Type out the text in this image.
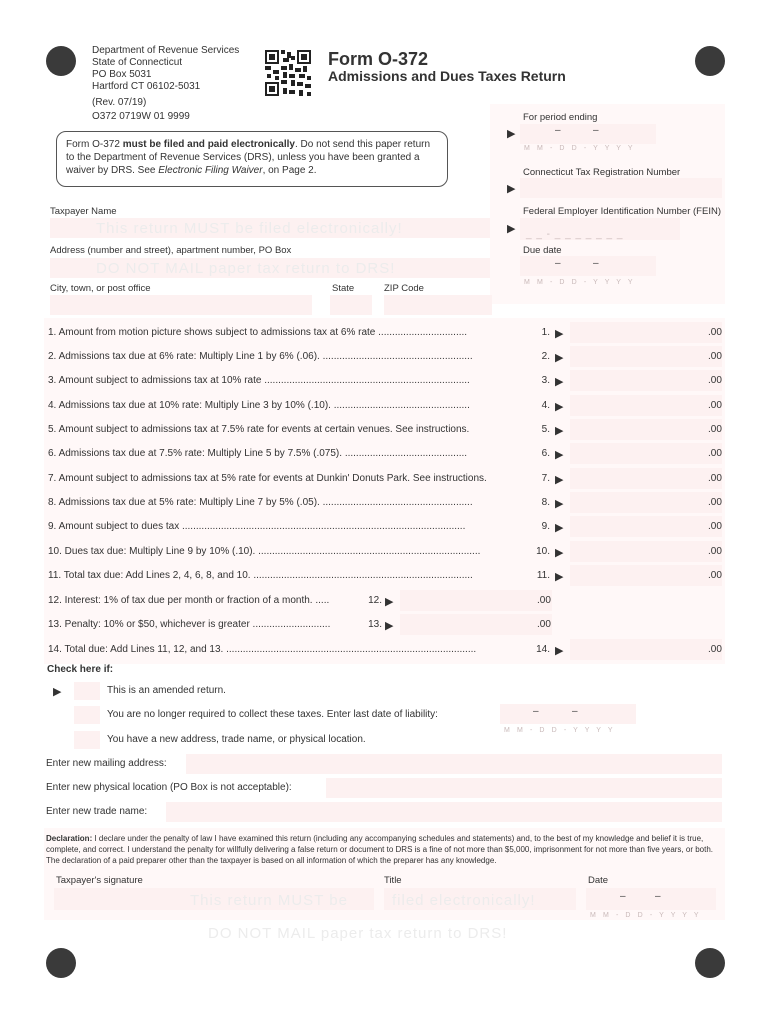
Department of Revenue Services
State of Connecticut
PO Box 5031
Hartford CT 06102-5031
(Rev. 07/19)
O372 0719W 01 9999
Form O-372
Admissions and Dues Taxes Return
Form O-372 must be filed and paid electronically. Do not send this paper return to the Department of Revenue Services (DRS), unless you have been granted a waiver by DRS. See Electronic Filing Waiver, on Page 2.
For period ending
▶	–	–
M M - D D - Y Y Y Y
Connecticut Tax Registration Number
▶
Federal Employer Identification Number (FEIN)
▶ _ _ - _ _ _ _ _ _ _
Due date
–	–
M M - D D - Y Y Y Y
Taxpayer Name
This return MUST be filed electronically!
Address (number and street), apartment number, PO Box
DO NOT MAIL paper tax return to DRS!
City, town, or post office	State	ZIP Code
1. Amount from motion picture shows subject to admissions tax at 6% rate ................................	1. ▶	.00
2. Admissions tax due at 6% rate: Multiply Line 1 by 6% (.06). ......................................................	2. ▶	.00
3. Amount subject to admissions tax at 10% rate ..........................................................................	3. ▶	.00
4. Admissions tax due at 10% rate: Multiply Line 3 by 10% (.10). .................................................	4. ▶	.00
5. Amount subject to admissions tax at 7.5% rate for events at certain venues. See instructions.	5. ▶	.00
6. Admissions tax due at 7.5% rate: Multiply Line 5 by 7.5% (.075). ............................................	6. ▶	.00
7. Amount subject to admissions tax at 5% rate for events at Dunkin' Donuts Park. See instructions.	7. ▶	.00
8. Admissions tax due at 5% rate: Multiply Line 7 by 5% (.05). ......................................................	8. ▶	.00
9. Amount subject to dues tax ......................................................................................................	9. ▶	.00
10. Dues tax due: Multiply Line 9 by 10% (.10). ................................................................................	10. ▶	.00
11. Total tax due: Add Lines 2, 4, 6, 8, and 10. ...............................................................................	11. ▶	.00
12. Interest: 1% of tax due per month or fraction of a month. .....	12. ▶	.00
13. Penalty: 10% or $50, whichever is greater ............................	13. ▶	.00
14. Total due: Add Lines 11, 12, and 13. ..........................................................................................	14. ▶	.00
Check here if:
▶	This is an amended return.
You are no longer required to collect these taxes. Enter last date of liability:	–	–
M M - D D - Y Y Y Y
You have a new address, trade name, or physical location.
Enter new mailing address:
Enter new physical location (PO Box is not acceptable):
Enter new trade name:
Declaration: I declare under the penalty of law I have examined this return (including any accompanying schedules and statements) and, to the best of my knowledge and belief it is true, complete, and correct. I understand the penalty for willfully delivering a false return or document to DRS is a fine of not more than $5,000, imprisonment for not more than five years, or both. The declaration of a paid preparer other than the taxpayer is based on all information of which the preparer has any knowledge.
Taxpayer's signature	Title	Date
This return MUST be	filed electronically!	–	–
M M - D D - Y Y Y Y
DO NOT MAIL paper tax return to DRS!
